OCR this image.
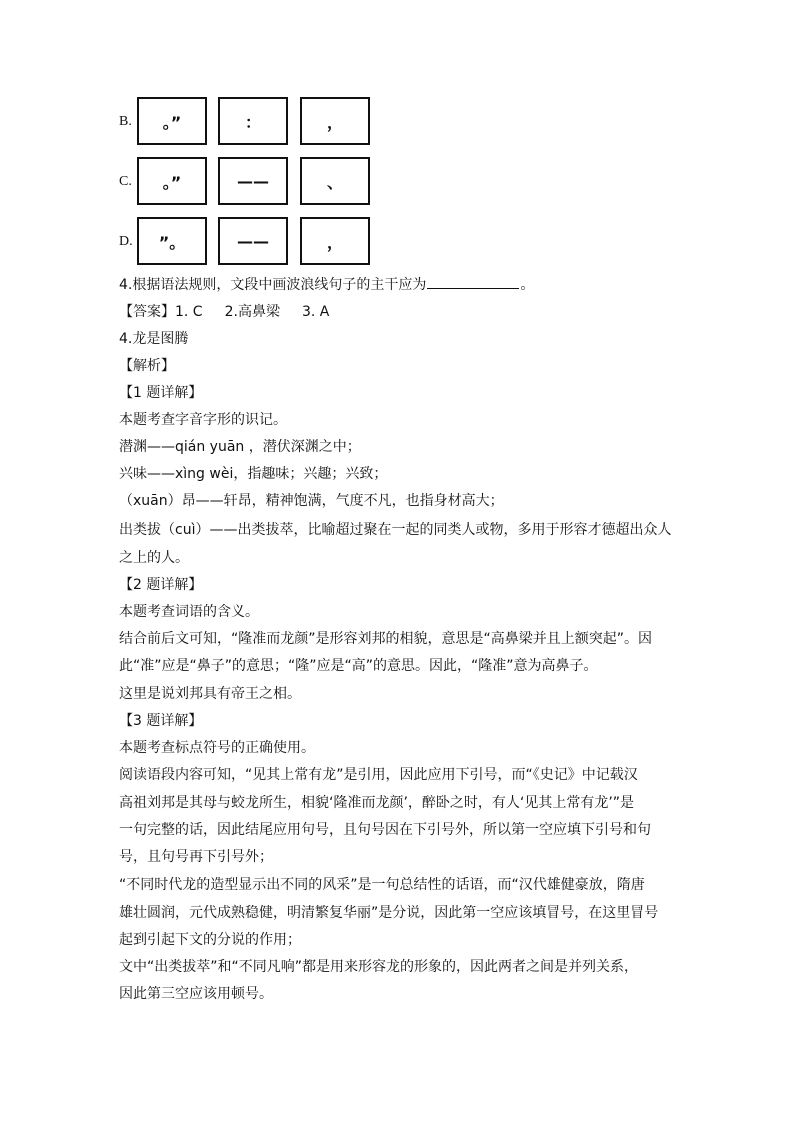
B.	。”	：	，
C.	。”	——	、
D.	”。	——	，
4.根据语法规则，文段中画波浪线句子的主干应为	。
【答案】1. C 2.高鼻梁 3. A
4.龙是图腾
【解析】
【1 题详解】
本题考查字音字形的识记。
潜渊——qián yuān ，潜伏深渊之中；
兴味——xìng wèi，指趣味；兴趣；兴致；
（xuān）昂——轩昂，精神饱满，气度不凡，也指身材高大；
出类拔（cuì）——出类拔萃，比喻超过聚在一起的同类人或物，多用于形容才德超出众人
之上的人。
【2 题详解】
本题考查词语的含义。
结合前后文可知，“隆准而龙颜”是形容刘邦的相貌，意思是“高鼻梁并且上额突起”。因
此“准”应是“鼻子”的意思；“隆”应是“高”的意思。因此，“隆准”意为高鼻子。
这里是说刘邦具有帝王之相。
【3 题详解】
本题考查标点符号的正确使用。
阅读语段内容可知，“见其上常有龙”是引用，因此应用下引号，而“《史记》中记载汉
高祖刘邦是其母与蛟龙所生，相貌‘隆准而龙颜’，醉卧之时，有人‘见其上常有龙’”是
一句完整的话，因此结尾应用句号，且句号因在下引号外，所以第一空应填下引号和句
号，且句号再下引号外；
“不同时代龙的造型显示出不同的风采”是一句总结性的话语，而“汉代雄健豪放，隋唐
雄壮圆润，元代成熟稳健，明清繁复华丽”是分说，因此第一空应该填冒号，在这里冒号
起到引起下文的分说的作用；
文中“出类拔萃”和“不同凡响”都是用来形容龙的形象的，因此两者之间是并列关系，
因此第三空应该用顿号。
